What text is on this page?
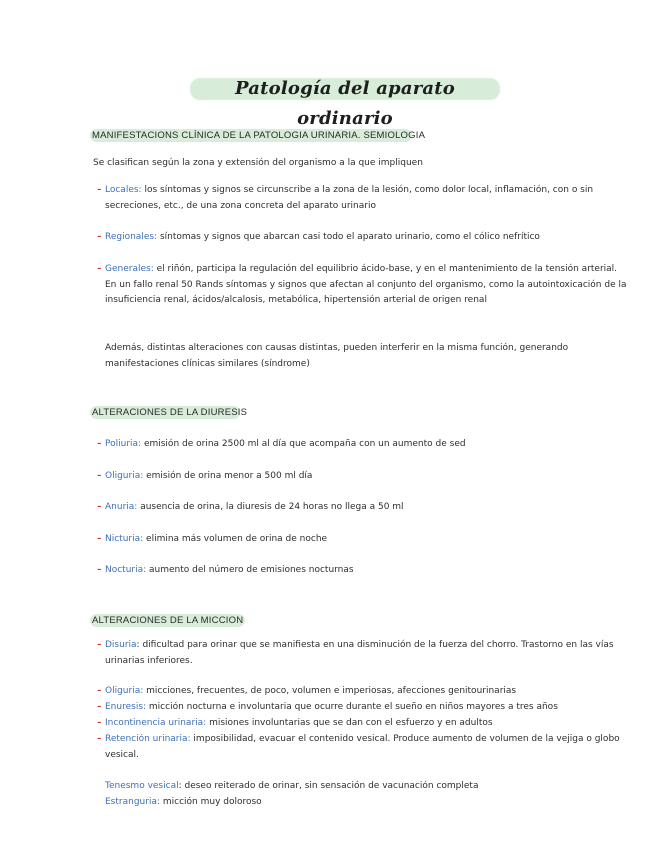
Patología del aparato ordinario
MANIFESTACIONS CLÍNICA DE LA PATOLOGIA URINARIA. SEMIOLOGIA
Se clasifican según la zona y extensión del organismo a la que impliquen
– Locales: los síntomas y signos se circunscribe a la zona de la lesión, como dolor local, inflamación, con o sin secreciones, etc., de una zona concreta del aparato urinario
– Regionales: síntomas y signos que abarcan casi todo el aparato urinario, como el cólico nefrítico
– Generales: el riñón, participa la regulación del equilibrio ácido-base, y en el mantenimiento de la tensión arterial. En un fallo renal 50 Rands síntomas y signos que afectan al conjunto del organismo, como la autointoxicación de la insuficiencia renal, ácidos/alcalosis, metabólica, hipertensión arterial de origen renal
Además, distintas alteraciones con causas distintas, pueden interferir en la misma función, generando manifestaciones clínicas similares (síndrome)
ALTERACIONES DE LA DIURESIS
– Poliuria: emisión de orina 2500 ml al día que acompaña con un aumento de sed
– Oliguria: emisión de orina menor a 500 ml día
– Anuria: ausencia de orina, la diuresis de 24 horas no llega a 50 ml
– Nicturia: elimina más volumen de orina de noche
– Nocturia: aumento del número de emisiones nocturnas
ALTERACIONES DE LA MICCION
– Disuria: dificultad para orinar que se manifiesta en una disminución de la fuerza del chorro. Trastorno en las vías urinarias inferiores.
– Oliguria: micciones, frecuentes, de poco, volumen e imperiosas, afecciones genitourinarias
– Enuresis: micción nocturna e involuntaria que ocurre durante el sueño en niños mayores a tres años
– Incontinencia urinaria: misiones involuntarias que se dan con el esfuerzo y en adultos
– Retención urinaria: imposibilidad, evacuar el contenido vesical. Produce aumento de volumen de la vejiga o globo vesical.
Tenesmo vesical: deseo reiterado de orinar, sin sensación de vacunación completa
Estranguria: micción muy doloroso
